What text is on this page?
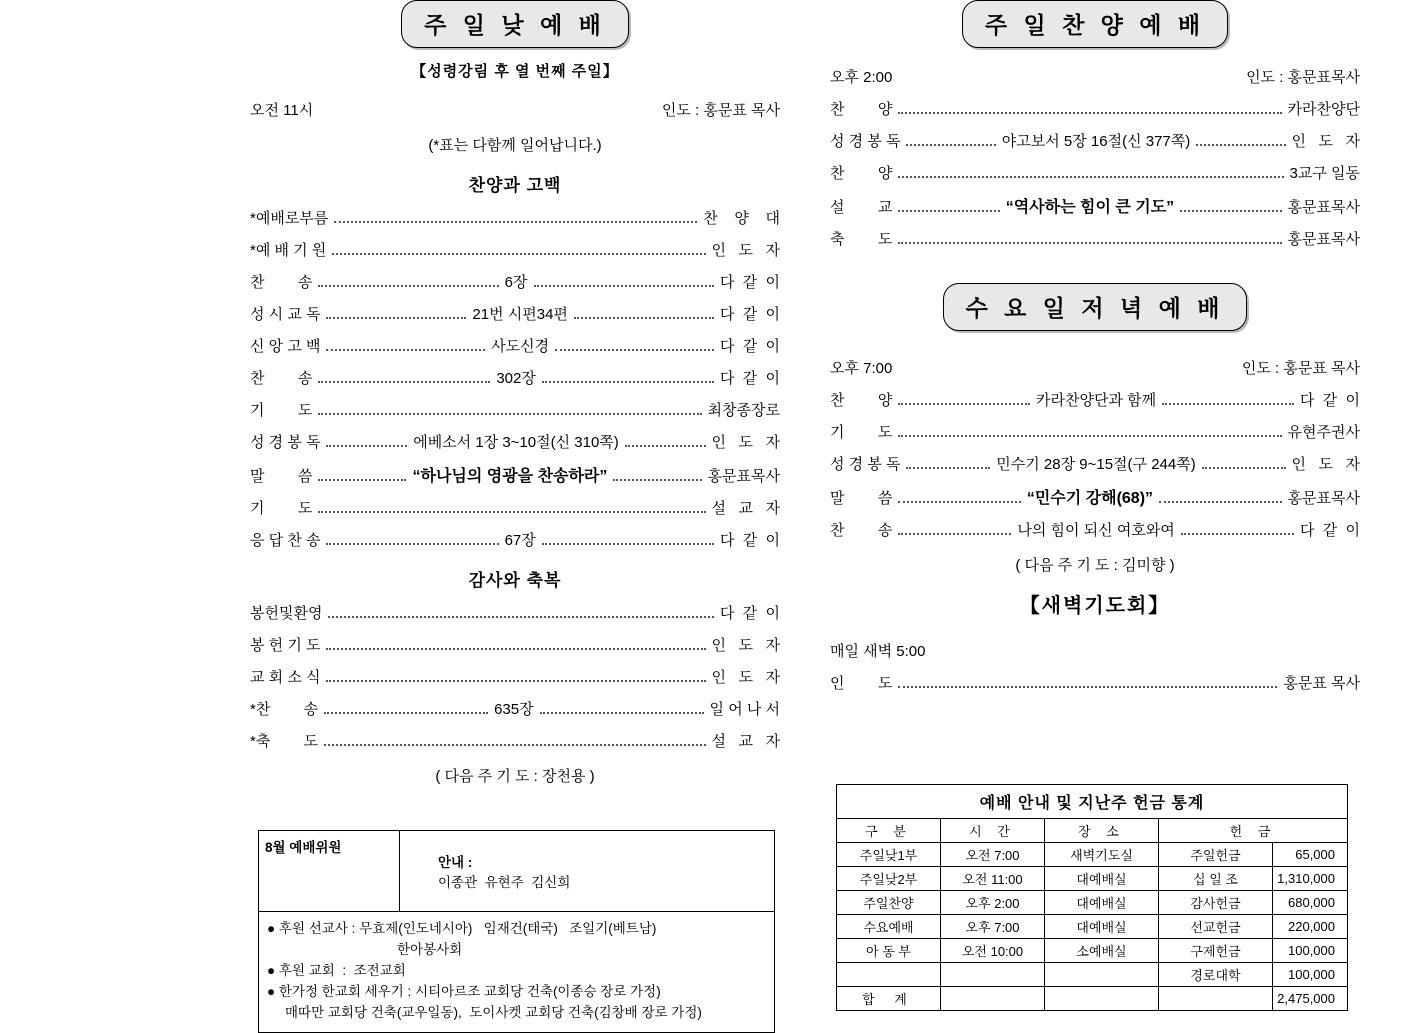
주 일 낮 예 배
【성령강림 후 열 번째 주일】
오전 11시	인도 : 홍문표 목사
(*표는 다함께 일어납니다.)
찬양과 고백
*예배로부름	찬    양    대
*예 배 기 원	인   도   자
찬        송	6장	다  같  이
성 시 교 독	21번 시편34편	다  같  이
신 앙 고 백	사도신경	다  같  이
찬        송	302장	다  같  이
기        도	최창종장로
성 경 봉 독	에베소서 1장 3~10절(신 310쪽)	인   도   자
말        씀	“하나님의 영광을 찬송하라”	홍문표목사
기        도	설   교   자
응 답 찬 송	67장	다  같  이
감사와 축복
봉헌및환영	다  같  이
봉 헌 기 도	인   도   자
교 회 소 식	인   도   자
*찬        송	635장	일 어 나 서
*축        도	설   교   자
( 다음 주 기 도 : 장천용 )
8월 예배위원

안내 :
이종관  유현주  김신희

● 후원 선교사 : 무효제(인도네시아)   임재건(태국)   조일기(베트남)
한아봉사회
● 후원 교회  :  조전교회
● 한가정 한교회 세우기 : 시티아르조 교회당 건축(이종승 장로 가정)
매따만 교회당 건축(교우일동),  도이사켓 교회당 건축(김창배 장로 가정)
주 일 찬 양 예 배
오후 2:00	인도 : 홍문표목사
찬        양	카라찬양단
성 경 봉 독	야고보서 5장 16절(신 377쪽)	인   도   자
찬        양	3교구 일동
설        교	“역사하는 힘이 큰 기도”	홍문표목사
축        도	홍문표목사
수 요 일 저 녁 예 배
오후 7:00	인도 : 홍문표 목사
찬        양	카라찬양단과 함께	다  같  이
기        도	유현주권사
성 경 봉 독	민수기 28장 9~15절(구 244쪽)	인   도   자
말        씀	“민수기 강해(68)”	홍문표목사
찬        송	나의 힘이 되신 여호와여	다  같  이
( 다음 주 기 도 : 김미향 )
【새벽기도회】
매일 새벽 5:00
인        도	홍문표 목사
예배 안내 및 지난주 헌금 통계				
구 분	시 간	장 소	헌 금	
주일낮1부	오전 7:00	새벽기도실	주일헌금	65,000
주일낮2부	오전 11:00	대예배실	십 일 조	1,310,000
주일찬양	오후 2:00	대예배실	감사헌금	680,000
수요예배	오후 7:00	대예배실	선교헌금	220,000
아 동 부	오전 10:00	소예배실	구제헌금	100,000
			경로대학	100,000
합 계				2,475,000
